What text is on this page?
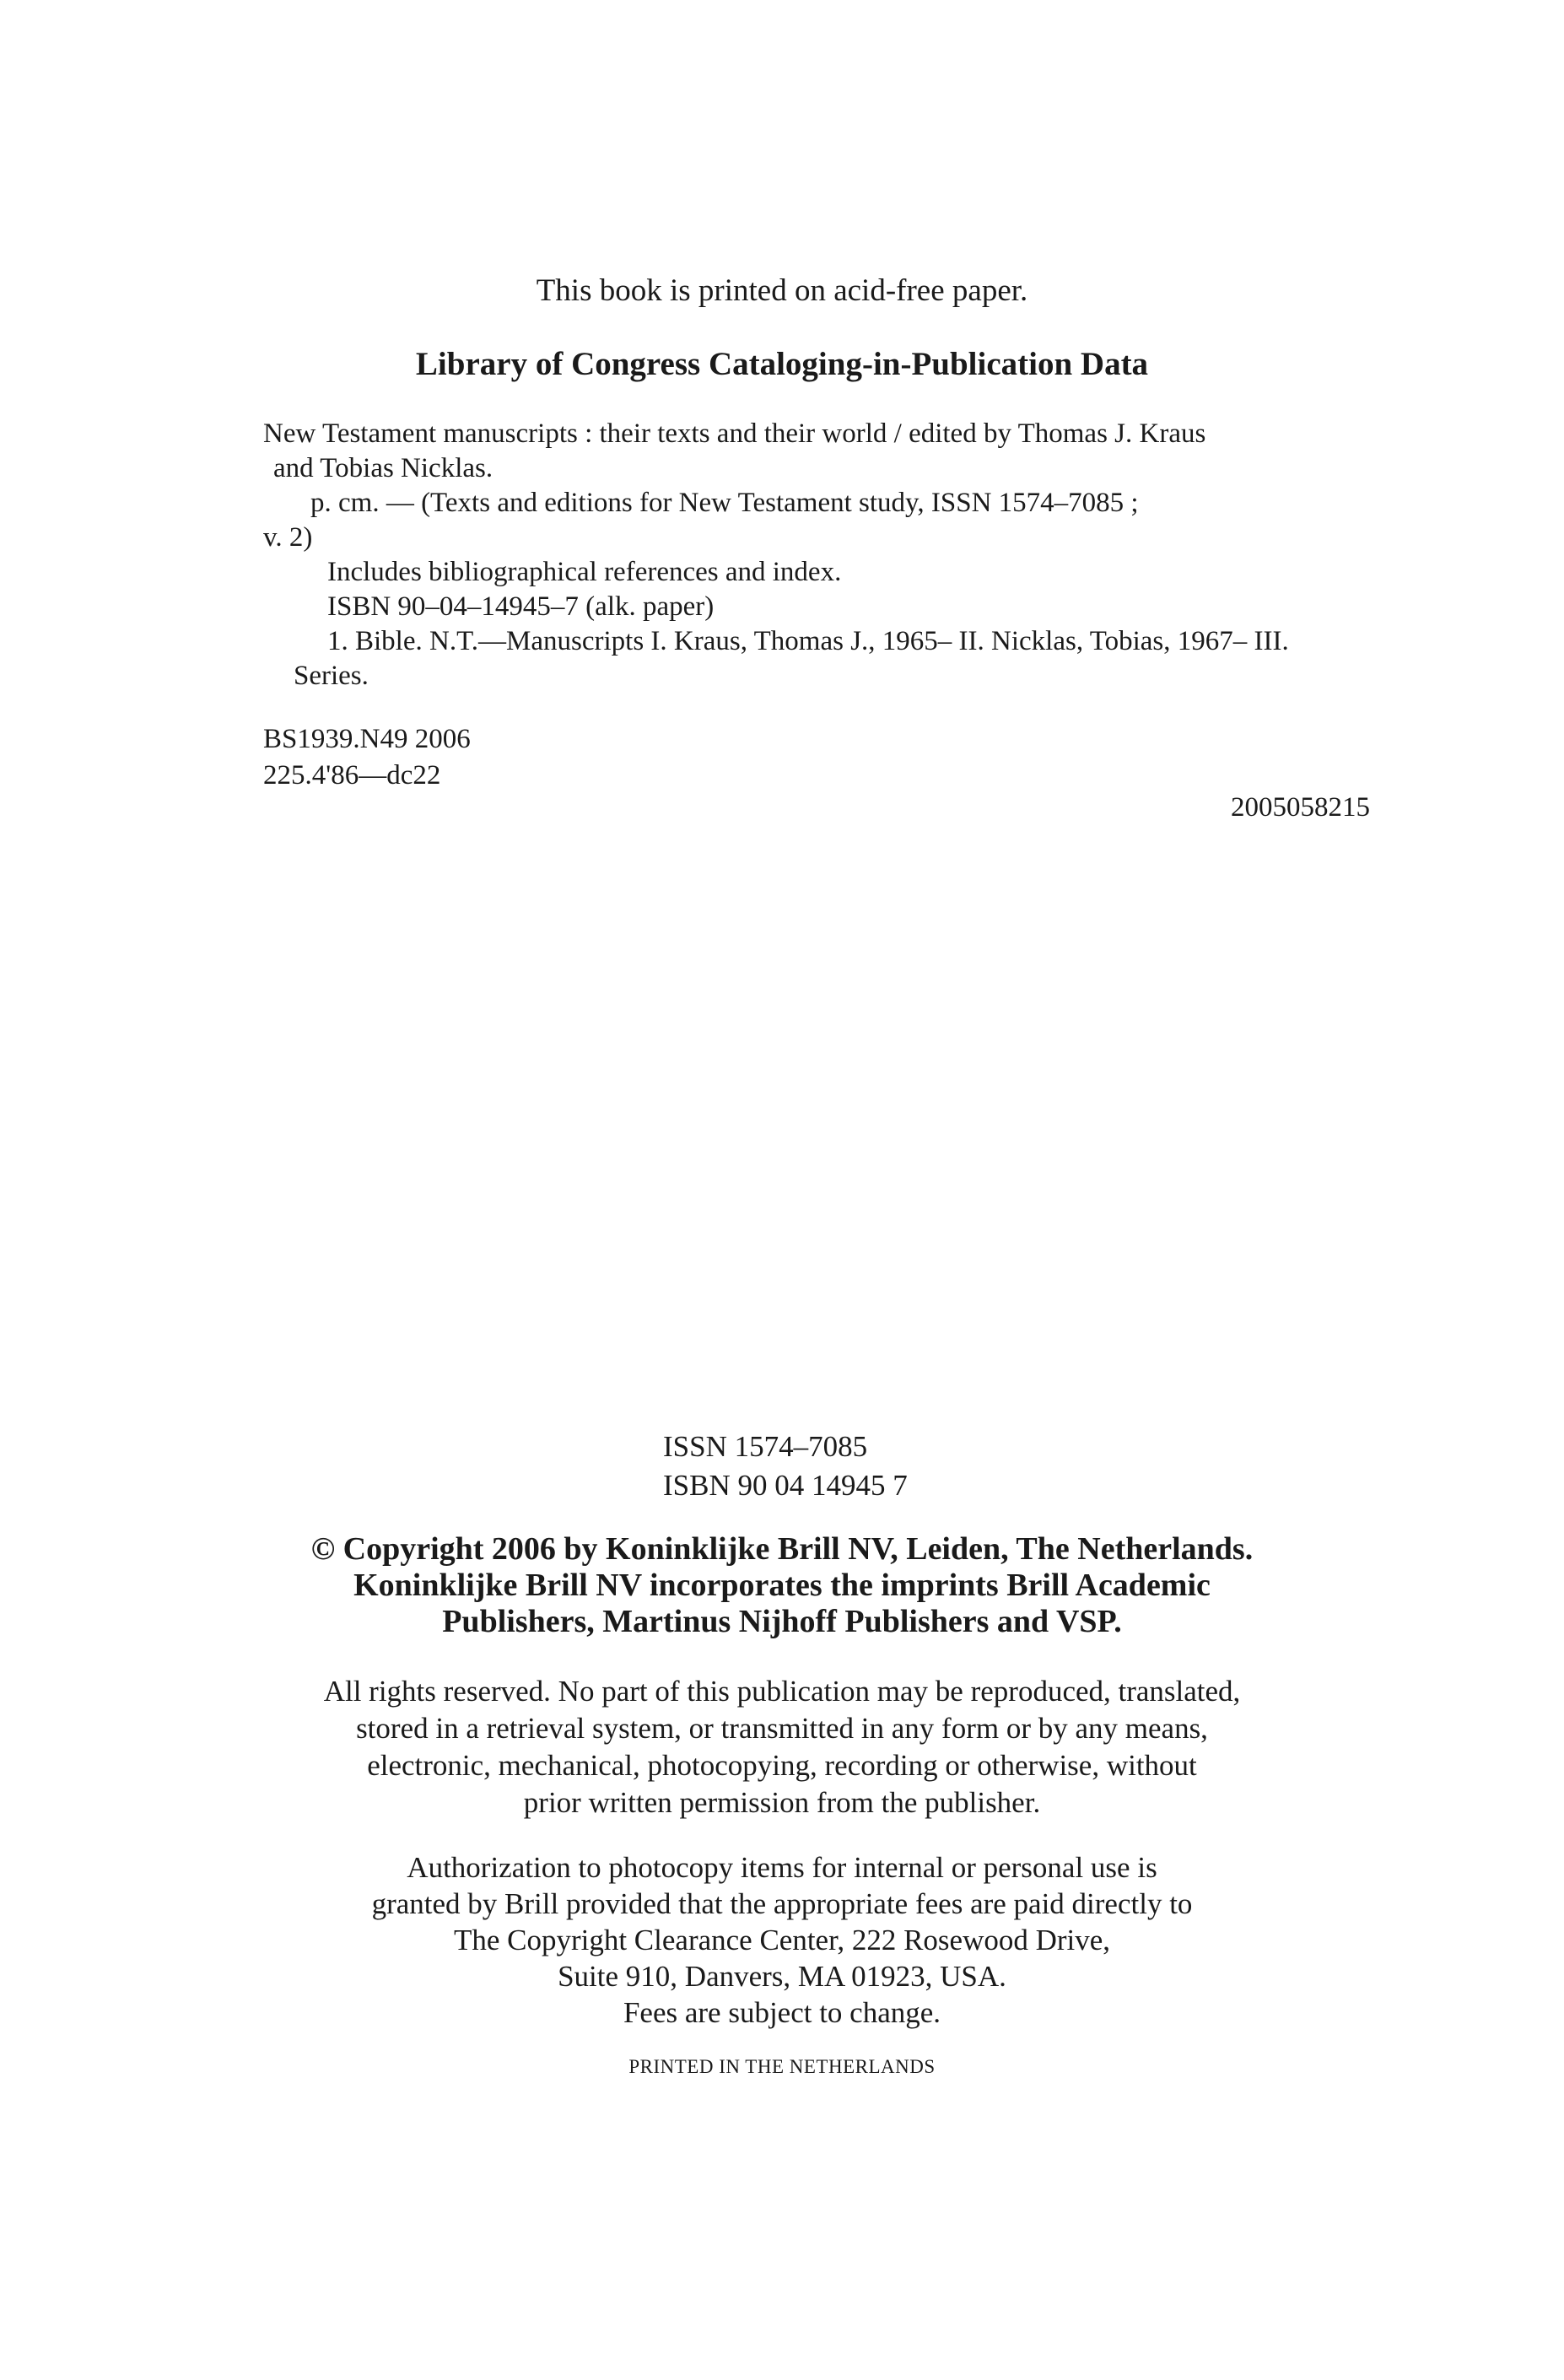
This book is printed on acid-free paper.
Library of Congress Cataloging-in-Publication Data
New Testament manuscripts : their texts and their world / edited by Thomas J. Kraus
and Tobias Nicklas.
p. cm. — (Texts and editions for New Testament study, ISSN 1574–7085 ;
v. 2)
Includes bibliographical references and index.
ISBN 90–04–14945–7 (alk. paper)
1. Bible. N.T.—Manuscripts I. Kraus, Thomas J., 1965– II. Nicklas, Tobias, 1967– III.
Series.
BS1939.N49 2006
225.4'86—dc22
2005058215
ISSN 1574–7085
ISBN 90 04 14945 7
© Copyright 2006 by Koninklijke Brill NV, Leiden, The Netherlands.
Koninklijke Brill NV incorporates the imprints Brill Academic
Publishers, Martinus Nijhoff Publishers and VSP.
All rights reserved. No part of this publication may be reproduced, translated,
stored in a retrieval system, or transmitted in any form or by any means,
electronic, mechanical, photocopying, recording or otherwise, without
prior written permission from the publisher.
Authorization to photocopy items for internal or personal use is
granted by Brill provided that the appropriate fees are paid directly to
The Copyright Clearance Center, 222 Rosewood Drive,
Suite 910, Danvers, MA 01923, USA.
Fees are subject to change.
PRINTED IN THE NETHERLANDS
